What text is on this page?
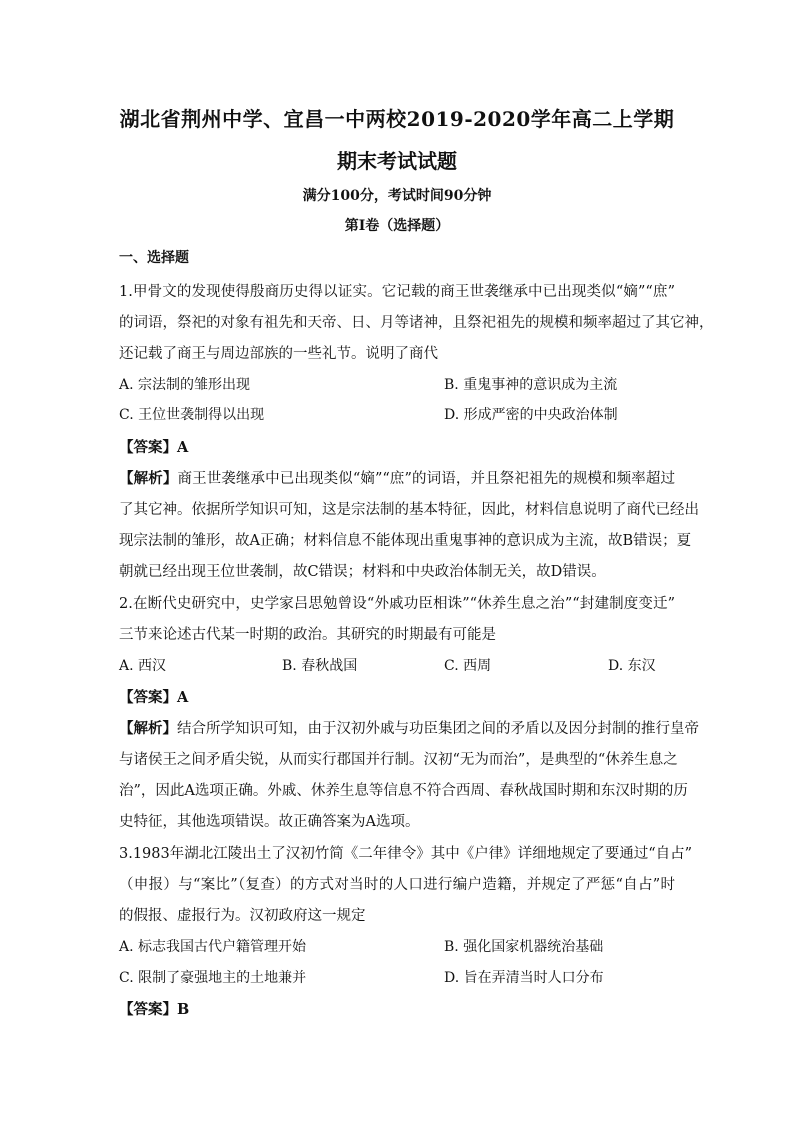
湖北省荆州中学、宜昌一中两校2019-2020学年高二上学期
期末考试试题
满分100分，考试时间90分钟
第Ⅰ卷（选择题）
一、选择题
1.甲骨文的发现使得殷商历史得以证实。它记载的商王世袭继承中已出现类似“嫡”“庶”
的词语，祭祀的对象有祖先和天帝、日、月等诸神，且祭祀祖先的规模和频率超过了其它神，
还记载了商王与周边部族的一些礼节。说明了商代
A. 宗法制的雏形出现	B. 重鬼事神的意识成为主流
C. 王位世袭制得以出现	D. 形成严密的中央政治体制
【答案】A
【解析】商王世袭继承中已出现类似“嫡”“庶”的词语，并且祭祀祖先的规模和频率超过
了其它神。依据所学知识可知，这是宗法制的基本特征，因此，材料信息说明了商代已经出
现宗法制的雏形，故A正确；材料信息不能体现出重鬼事神的意识成为主流，故B错误；夏
朝就已经出现王位世袭制，故C错误；材料和中央政治体制无关，故D错误。
2.在断代史研究中，史学家吕思勉曾设“外戚功臣相诛”“休养生息之治”“封建制度变迁”
三节来论述古代某一时期的政治。其研究的时期最有可能是
A. 西汉	B. 春秋战国	C. 西周	D. 东汉
【答案】A
【解析】结合所学知识可知，由于汉初外戚与功臣集团之间的矛盾以及因分封制的推行皇帝
与诸侯王之间矛盾尖锐，从而实行郡国并行制。汉初“无为而治”，是典型的“休养生息之
治”，因此A选项正确。外戚、休养生息等信息不符合西周、春秋战国时期和东汉时期的历
史特征，其他选项错误。故正确答案为A选项。
3.1983年湖北江陵出土了汉初竹简《二年律令》其中《户律》详细地规定了要通过“自占”
（申报）与“案比”（复查）的方式对当时的人口进行编户造籍，并规定了严惩“自占”时
的假报、虚报行为。汉初政府这一规定
A. 标志我国古代户籍管理开始	B. 强化国家机器统治基础
C. 限制了豪强地主的土地兼并	D. 旨在弄清当时人口分布
【答案】B
